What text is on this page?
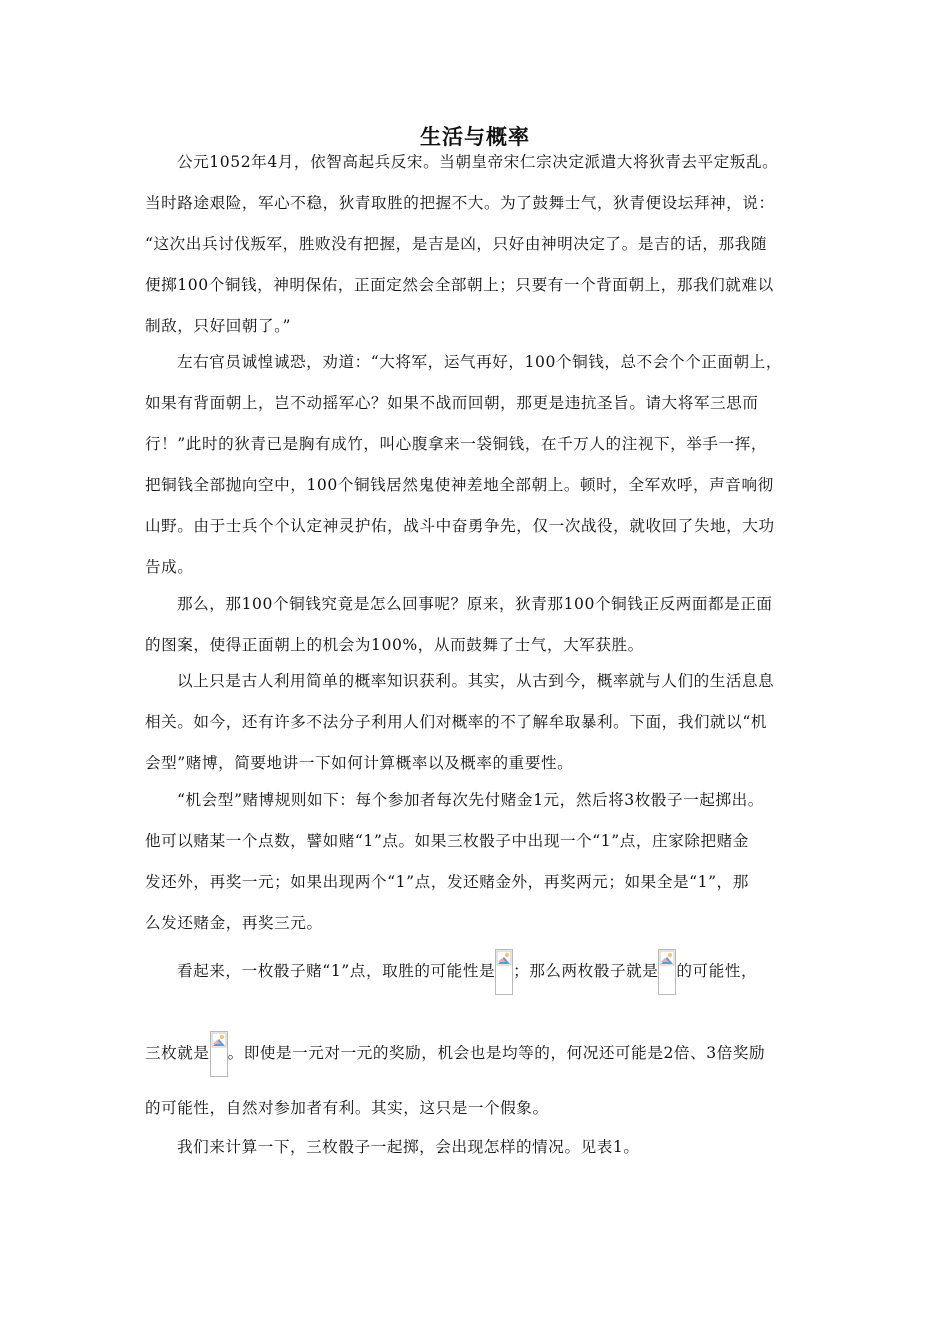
生活与概率
公元1052年4月，依智高起兵反宋。当朝皇帝宋仁宗决定派遣大将狄青去平定叛乱。
当时路途艰险，军心不稳，狄青取胜的把握不大。为了鼓舞士气，狄青便设坛拜神，说：
“这次出兵讨伐叛军，胜败没有把握，是吉是凶，只好由神明决定了。是吉的话，那我随
便掷100个铜钱，神明保佑，正面定然会全部朝上；只要有一个背面朝上，那我们就难以
制敌，只好回朝了。”
左右官员诚惶诚恐，劝道：“大将军，运气再好，100个铜钱，总不会个个正面朝上，
如果有背面朝上，岂不动摇军心？如果不战而回朝，那更是违抗圣旨。请大将军三思而
行！”此时的狄青已是胸有成竹，叫心腹拿来一袋铜钱，在千万人的注视下，举手一挥，
把铜钱全部抛向空中，100个铜钱居然鬼使神差地全部朝上。顿时，全军欢呼，声音响彻
山野。由于士兵个个认定神灵护佑，战斗中奋勇争先，仅一次战役，就收回了失地，大功
告成。
那么，那100个铜钱究竟是怎么回事呢？原来，狄青那100个铜钱正反两面都是正面
的图案，使得正面朝上的机会为100%，从而鼓舞了士气，大军获胜。
以上只是古人利用简单的概率知识获利。其实，从古到今，概率就与人们的生活息息
相关。如今，还有许多不法分子利用人们对概率的不了解牟取暴利。下面，我们就以“机
会型”赌博，简要地讲一下如何计算概率以及概率的重要性。
“机会型”赌博规则如下：每个参加者每次先付赌金1元，然后将3枚骰子一起掷出。
他可以赌某一个点数，譬如赌“1”点。如果三枚骰子中出现一个“1”点，庄家除把赌金
发还外，再奖一元；如果出现两个“1”点，发还赌金外，再奖两元；如果全是“1”，那
么发还赌金，再奖三元。
看起来，一枚骰子赌“1”点，取胜的可能性是 ；那么两枚骰子就是 的可能性，
三枚就是 。即使是一元对一元的奖励，机会也是均等的，何况还可能是2倍、3倍奖励
的可能性，自然对参加者有利。其实，这只是一个假象。
我们来计算一下，三枚骰子一起掷，会出现怎样的情况。见表1。
